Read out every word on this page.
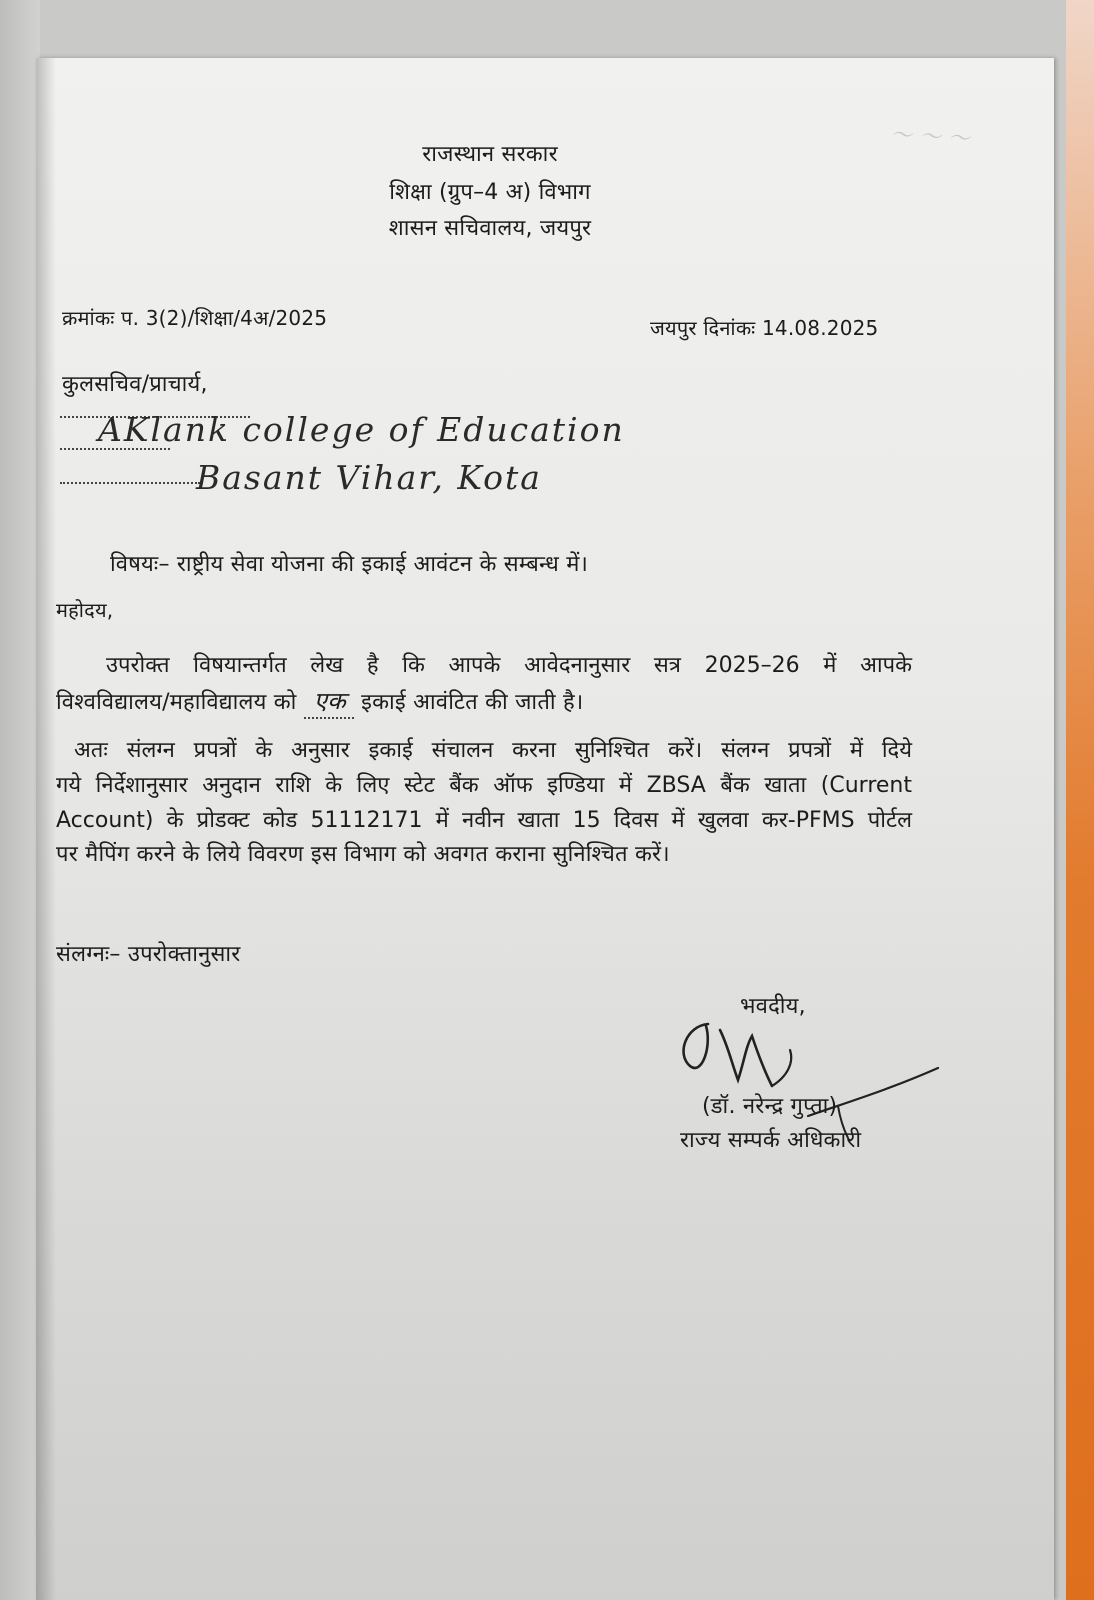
～ ～ ～
राजस्थान सरकार
शिक्षा (ग्रुप–4 अ) विभाग
शासन सचिवालय, जयपुर
क्रमांकः प. 3(2)/शिक्षा/4अ/2025	जयपुर दिनांकः 14.08.2025
कुलसचिव/प्राचार्य,
AKlank college of Education
Basant Vihar, Kota
विषयः– राष्ट्रीय सेवा योजना की इकाई आवंटन के सम्बन्ध में।
महोदय,
उपरोक्त विषयान्तर्गत लेख है कि आपके आवेदनानुसार सत्र 2025–26 में आपके
विश्वविद्यालय/महाविद्यालय को एक इकाई आवंटित की जाती है।
अतः संलग्न प्रपत्रों के अनुसार इकाई संचालन करना सुनिश्चित करें। संलग्न प्रपत्रों में दिये
गये निर्देशानुसार अनुदान राशि के लिए स्टेट बैंक ऑफ इण्डिया में ZBSA बैंक खाता (Current
Account) के प्रोडक्ट कोड 51112171 में नवीन खाता 15 दिवस में खुलवा कर-PFMS पोर्टल
पर मैपिंग करने के लिये विवरण इस विभाग को अवगत कराना सुनिश्चित करें।
संलग्नः– उपरोक्तानुसार
भवदीय,
(डॉ. नरेन्द्र गुप्ता)
राज्य सम्पर्क अधिकारी
